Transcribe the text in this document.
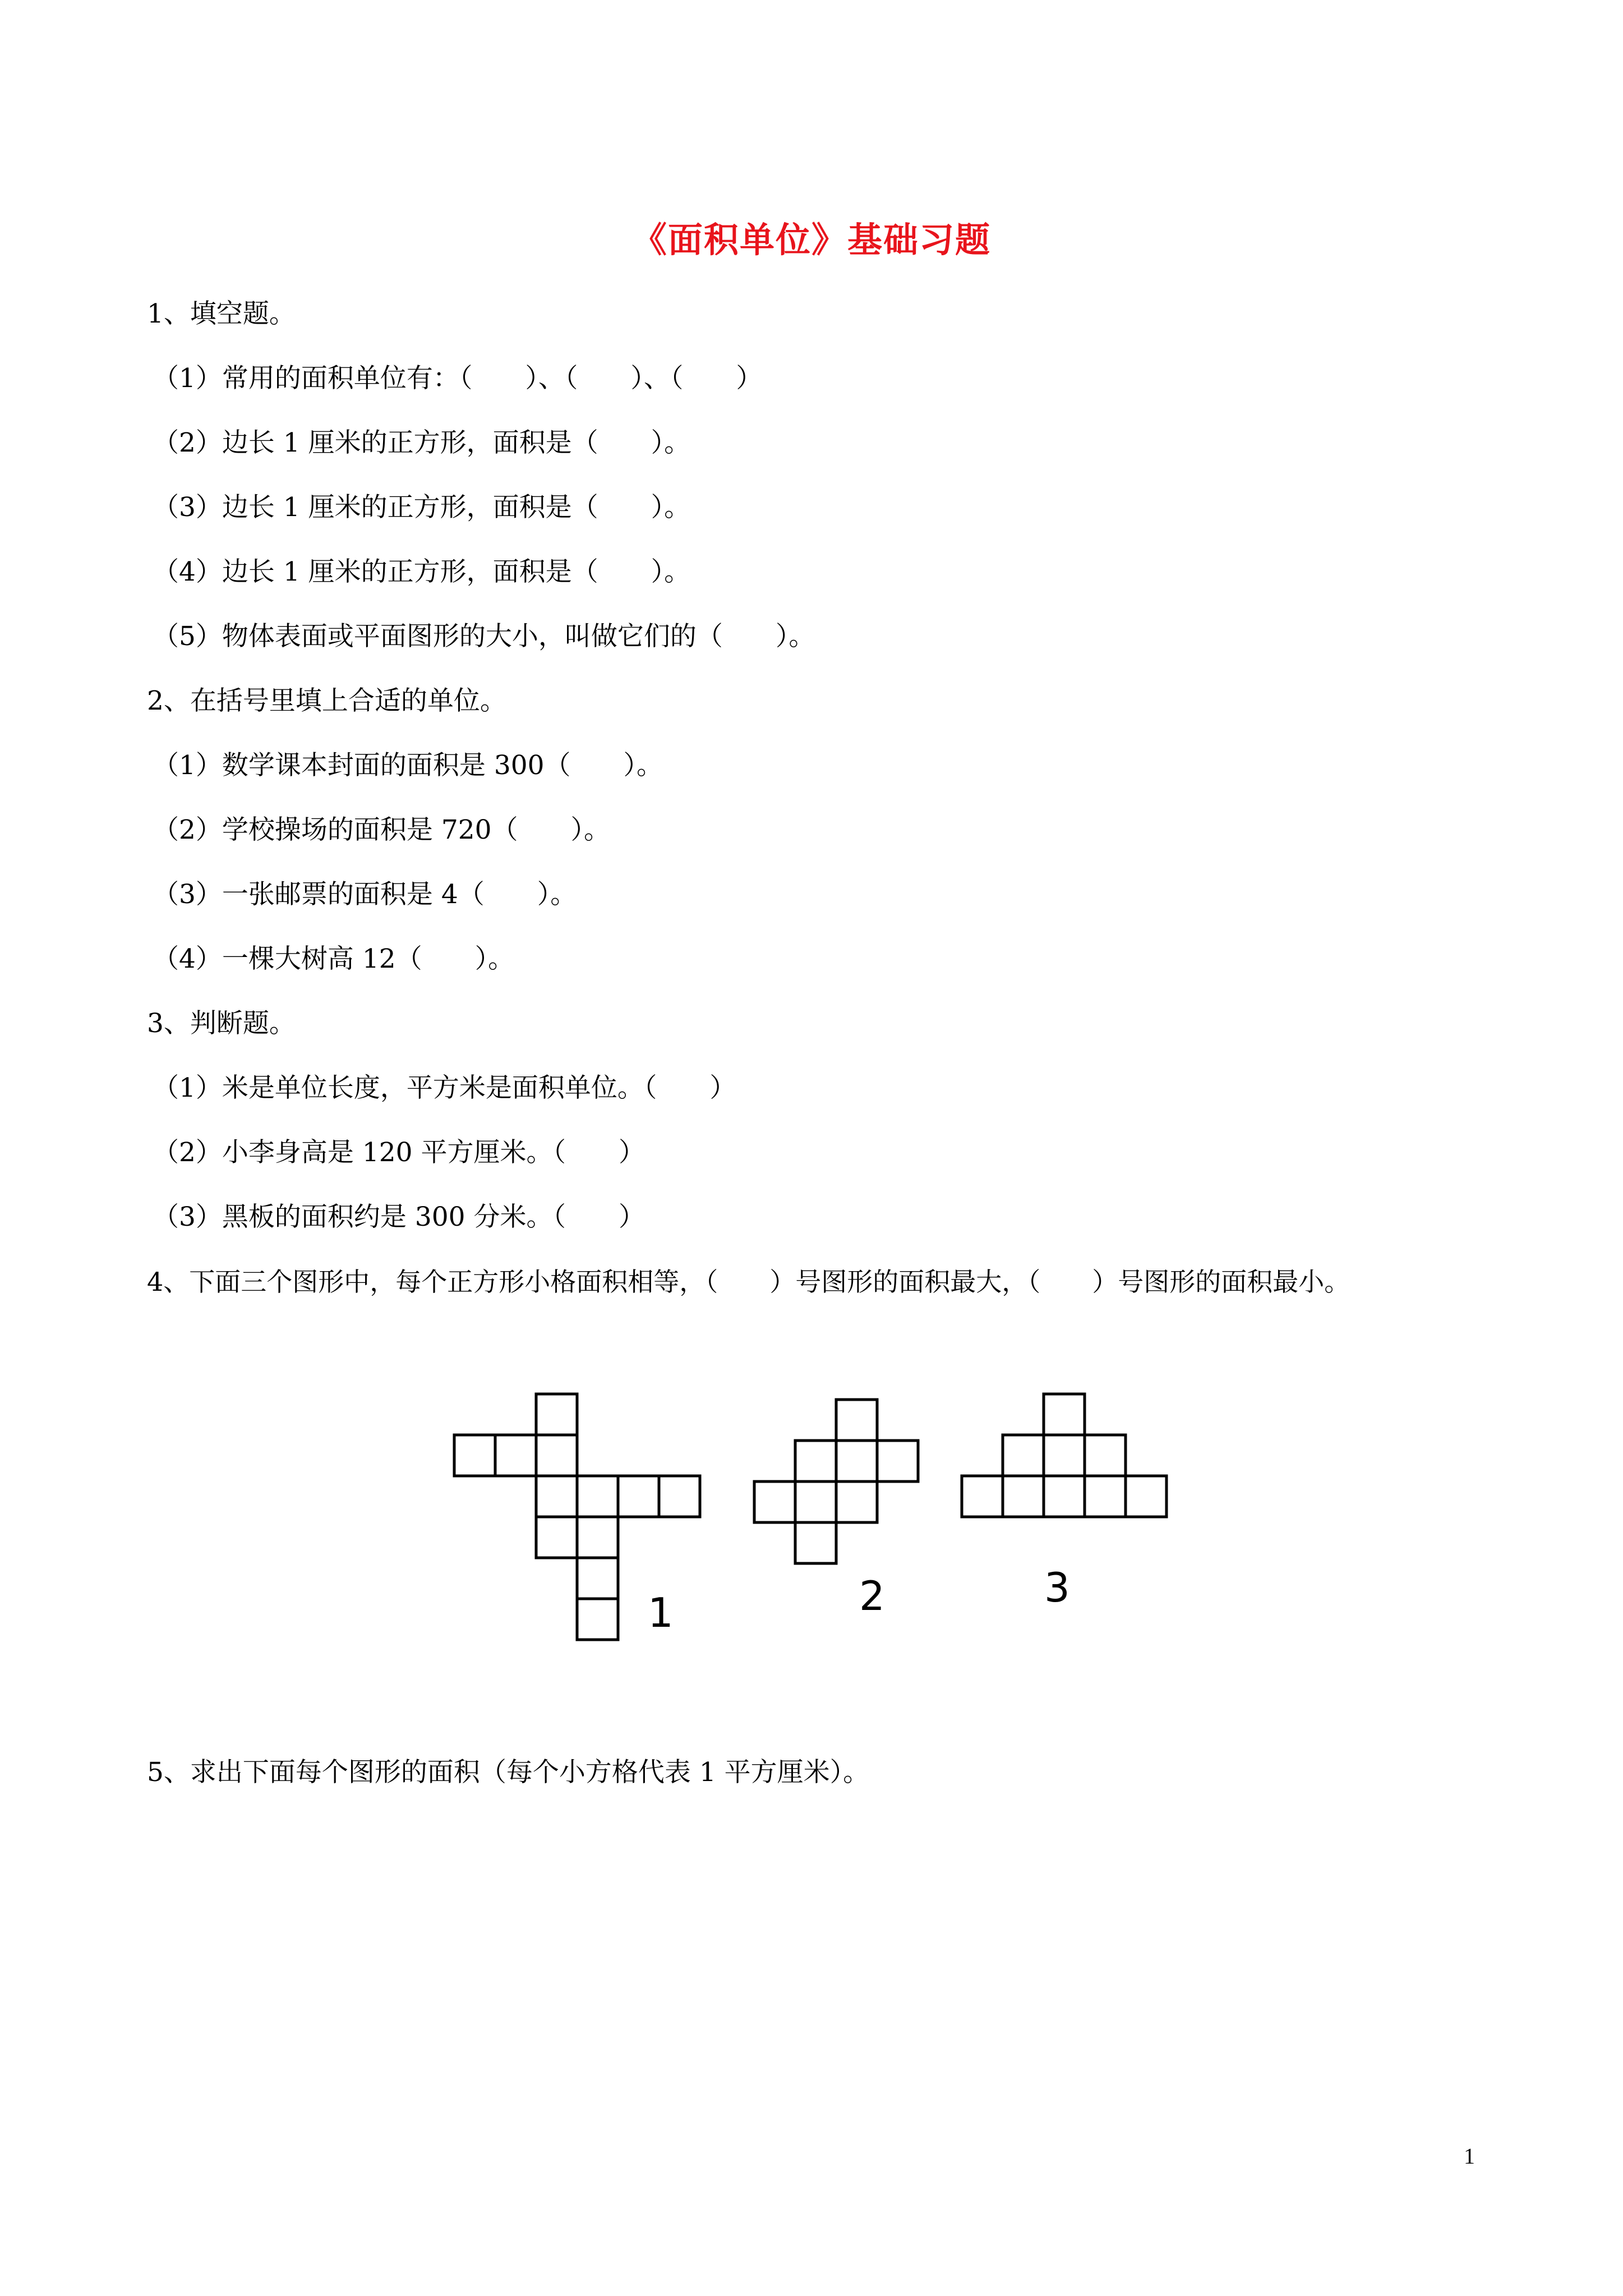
《面积单位》基础习题
1、填空题。
（1）常用的面积单位有：（　　）、（　　）、（　　）
（2）边长 1 厘米的正方形，面积是（　　）。
（3）边长 1 厘米的正方形，面积是（　　）。
（4）边长 1 厘米的正方形，面积是（　　）。
（5）物体表面或平面图形的大小，叫做它们的（　　）。
2、在括号里填上合适的单位。
（1）数学课本封面的面积是 300（　　）。
（2）学校操场的面积是 720（　　）。
（3）一张邮票的面积是 4（　　）。
（4）一棵大树高 12（　　）。
3、判断题。
（1）米是单位长度，平方米是面积单位。（　　）
（2）小李身高是 120 平方厘米。（　　）
（3）黑板的面积约是 300 分米。（　　）
4、下面三个图形中，每个正方形小格面积相等，（　　）号图形的面积最大，（　　）号图形的面积最小。
1	2	3
5、求出下面每个图形的面积（每个小方格代表 1 平方厘米）。
1
